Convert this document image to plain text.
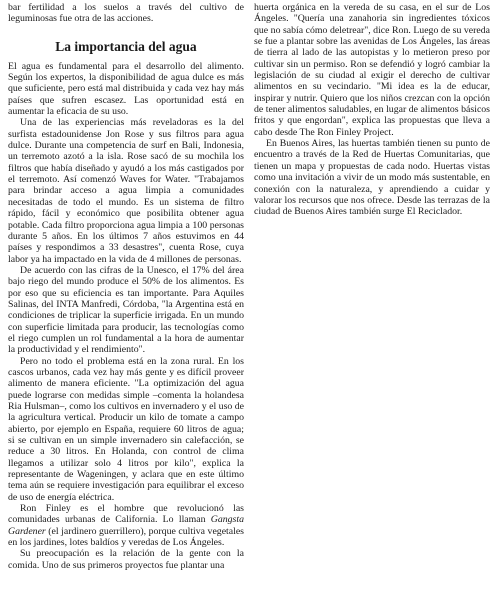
bar fertilidad a los suelos a través del cultivo de leguminosas fue otra de las acciones.

La importancia del agua

El agua es fundamental para el desarrollo del alimento. Según los expertos, la disponibilidad de agua dulce es más que suficiente, pero está mal distribuida y cada vez hay más países que sufren escasez. Las oportunidad está en aumentar la eficacia de su uso.

Una de las experiencias más reveladoras es la del surfista estadounidense Jon Rose y sus filtros para agua dulce. Durante una competencia de surf en Bali, Indonesia, un terremoto azotó a la isla. Rose sacó de su mochila los filtros que había diseñado y ayudó a los más castigados por el terremoto. Así comenzó Waves for Water. "Trabajamos para brindar acceso a agua limpia a comunidades necesitadas de todo el mundo. Es un sistema de filtro rápido, fácil y económico que posibilita obtener agua potable. Cada filtro proporciona agua limpia a 100 personas durante 5 años. En los últimos 7 años estuvimos en 44 países y respondimos a 33 desastres", cuenta Rose, cuya labor ya ha impactado en la vida de 4 millones de personas.

De acuerdo con las cifras de la Unesco, el 17% del área bajo riego del mundo produce el 50% de los alimentos. Es por eso que su eficiencia es tan importante. Para Aquiles Salinas, del INTA Manfredi, Córdoba, "la Argentina está en condiciones de triplicar la superficie irrigada. En un mundo con superficie limitada para producir, las tecnologías como el riego cumplen un rol fundamental a la hora de aumentar la productividad y el rendimiento".

Pero no todo el problema está en la zona rural. En los cascos urbanos, cada vez hay más gente y es difícil proveer alimento de manera eficiente. "La optimización del agua puede lograrse con medidas simple –comenta la holandesa Ria Hulsman–, como los cultivos en invernadero y el uso de la agricultura vertical. Producir un kilo de tomate a campo abierto, por ejemplo en España, requiere 60 litros de agua; si se cultivan en un simple invernadero sin calefacción, se reduce a 30 litros. En Holanda, con control de clima llegamos a utilizar solo 4 litros por kilo", explica la representante de Wageningen, y aclara que en este último tema aún se requiere investigación para equilibrar el exceso de uso de energía eléctrica.

Ron Finley es el hombre que revolucionó las comunidades urbanas de California. Lo llaman Gangsta Gardener (el jardinero guerrillero), porque cultiva vegetales en los jardines, lotes baldíos y veredas de Los Ángeles.

Su preocupación es la relación de la gente con la comida. Uno de sus primeros proyectos fue plantar una

huerta orgánica en la vereda de su casa, en el sur de Los Ángeles. "Quería una zanahoria sin ingredientes tóxicos que no sabía cómo deletrear", dice Ron. Luego de su vereda se fue a plantar sobre las avenidas de Los Ángeles, las áreas de tierra al lado de las autopistas y lo metieron preso por cultivar sin un permiso. Ron se defendió y logró cambiar la legislación de su ciudad al exigir el derecho de cultivar alimentos en su vecindario. "Mi idea es la de educar, inspirar y nutrir. Quiero que los niños crezcan con la opción de tener alimentos saludables, en lugar de alimentos básicos fritos y que engordan", explica las propuestas que lleva a cabo desde The Ron Finley Project.

En Buenos Aires, las huertas también tienen su punto de encuentro a través de la Red de Huertas Comunitarias, que tienen un mapa y propuestas de cada nodo. Huertas vistas como una invitación a vivir de un modo más sustentable, en conexión con la naturaleza, y aprendiendo a cuidar y valorar los recursos que nos ofrece. Desde las terrazas de la ciudad de Buenos Aires también surge El Reciclador.
